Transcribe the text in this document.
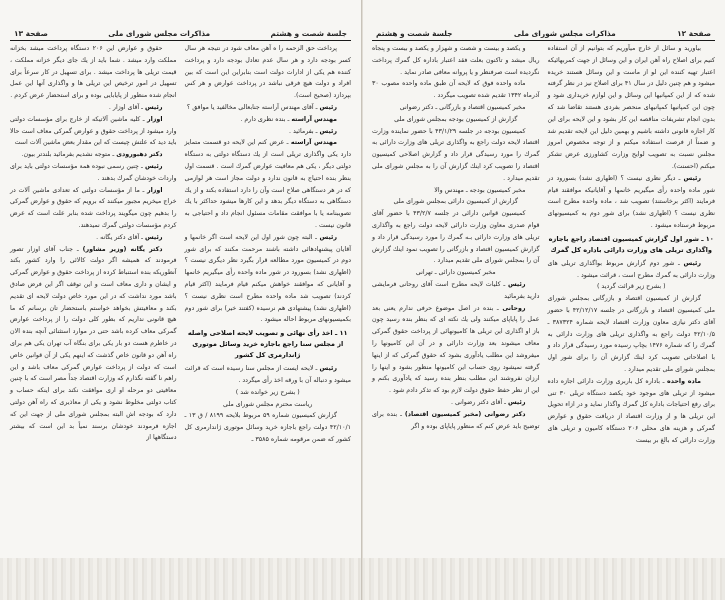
جلسة شصت و هشتم
مذاكرات مجلس شوراى ملى
صفحة ۱۳

پرداخت حق الزحمه را ه آهن معاف شود در نتيجه هر سال كسر بودجه دارد و هر سال عدم تعادل بودجه دارد و پرداخت كننده هم يكى از ادارات دولت است بنابراين اين است كه بين افراد و دولت هيچ فرقى نباشد در پرداخت عوارض و هر كس بپردازد (صحيح است).

رئيس ـ آقاى مهندس آراسته جنابعالى مخالفيد يا موافق ؟

مهندس آراسته ـ بنده نظرى دارم .

رئيس ـ بفرمائيد .

مهندس آراسته ـ عرض كنم اين لايحه دو قسمت متمايز دارد يكى واگذارى تريلى است از يك دستگاه دولتى به دستگاه دولتى ديگر ، يكى هم معافيت عوارض گمرك است . قسمت اول بنظر بنده احتياج به قانون ندارد و دولت مجاز است هر لوازمى كه در هر دستگاهى صلاح است وآن را دارد استفاده بكند و از يك دستگاهى به دستگاه ديگر بدهد و اين كارها ميشود حداكثر با يك تصويبنامه يا با موافقت مقامات مسئول انجام داد و احتياجى به قانون نيست .

رئيس ـ البته چون شور اول اين لايحه است اگر خانمها و آقايان پيشنهادهائى داشته باشند مرحمت مكنند كه براى شور دوم در كميسيون مورد مطالعه قرار بگيرد نظر ديگرى نيست ؟ (اظهارى نشد) بسورود در شور ماده واحده رأى ميگيريم خانمها و آقايانى كه موافقند خواهش ميكنم قيام فرمايند (اكثر قيام كردند) تصويب شد ماده واحده مطرح است نظرى نيست ؟ (اظهارى نشد) پيشنهادى هم نرسيده (كفتند خير) براى شور دوم بكميسيونهاى مربوط احاله ميشود .

۱۱ ـ اخذ رأى نهائى و تصويب لايحه اصلاحى واصله از مجلس سنا راجع باجازه خريد وسائل موتورى ژاندارمرى كل كشور

رئيس ـ لايحه ايست از مجلس سنا رسيده است كه قرائت ميشود و دنباله آن با ورقه اخذ رأى ميگردد .

( بشرح زير خوانده شد )

رياست محترم مجلس شوراى ملى

گزارش كميسيون شماره ۵۹ مربوط بلايحه ۸۱۹۹ / ق ۱۳ ـ ۴۲/۱۰/۱ دولت راجع باجازه خريد وسائل موتورى ژاندارمرى كل كشور كه ضمن مرقومه شماره ۳۵۸۵ ـ

حقوق و عوارض اين ۲۰۶ دستگاه پرداخت ميشد بخزانه مملكت وارد ميشد . شما بايد از يك جاى ديگر خزانه مملكت ، قيمت تريلى ها پرداخت ميشد . براى تسهيل در كار سرعاً براى تسهيل در امور ترخيص اين تريلى ها و واگذارى آنها اين عمل انجام شده منظور از پايابايى بوده و براى استحضار عرض كردم .

رئيس ـ آقاى اوزار .

اوزار ـ كليه ماشين آلاتيكه از خارج براى مؤسسات دولتى وارد ميشود از پرداخت حقوق و عوارض گمركى معاف است حالا بايد ديد كه علتش چيست كه اين مقدار بعض ماشين آلات است

دكتر دهبورودى ـ متوجه نشديم بفرمائيد بلندتر بيون.

رئيس ـ چنين رسمى نبوده همة مؤسسات دولتى بايد براى واردات خودشان گمرك بدهند .

اوزار ـ ما از مؤسسات دولتى كه تعدادى ماشين آلات در خراج ميخريم مجبور ميكنند كه برويم كه حقوق و عوارض گمركى را بدهيم چون ميگويند پرداخت شده بنابر علت است كه عرض كردم مؤسسات دولتى گمرك نميدهند.

رئيس ـ آقاى دكتر يگانه .

دكتر يگانه (وزير مشاور) ـ جناب آقاى اوزار تصور فرمودند كه هميشه اگر دولت كالائى را وارد كشور بكند آنطوريكه بنده استنباط كرده از پرداخت حقوق و عوارض گمركى و ايشان و دارى معاف است و اين توقف اگر اين فرض صادق باشد مورد نداشت كه در اين مورد خاص دولت لايحه اى تقديم بكند و معافيتش بخواهد خواستم باستحضار تان برسانم كه ما هيچ قانونى نداريم كه بطور كلى دولت را از پرداخت عوارض گمركى معاف كرده باشد حتى در موارد استثنائى آنچه بنده الان در خاطرم هست دو بار يكى براى بنگاه آب تهران يكى هم براى راه آهن دو قانون خاص گذشت كه اينهم يكى از آن قوانين خاص است كه دولت از پرداخت عوارض گمركى معاف باشد و اين راهم نا گفته نگذارم كه وزارت اقتصاد جداً مصر است كه با چنين معافيتى دو مرحله او ارى موافقت نكند براى اينكه حساب و كتاب دولتى مخلوط نشود و يكى از معاذيرى كه راه آهن دولتى دارد كه بودجه اش البته بمجلس شوراى ملى از جهت اين كه اجازه فرمودند خودشان برسند نمياً بد اين است كه بيشتر دستگاهها از

صفحة ۱۲
مذاكرات مجلس شوراى ملى
جلسة شصت و هشتم

بياوريد و سائل از خارج ميآوريم كه بتوانيم از آن استفاده كنيم براى اصلاح راه آهن ايران و اين وسائل از جهت كمربهائيكه اعتبار تهيه كننده اين لو از ماست و اين وسائل هستند خريده ميشود و هم چنين دليل در سال ۴۱ براى اصلاح نيز در نظر گرفته شده كه از اين كمپانيها اين وسائل و اين لوازم خريدارى شود و چون اين كمپانيها كمپانيهاى منحصر بفردى هستند تقاضا شد كه بدون انجام تشريفات مناقصه اين كار بشود و اين لايحه براى اين كار اجازه قانونى داشته باشيم و بهمين دليل اين لايحه تقديم شد و ضمناً از فرصت استفاده ميكنم و از توجه مخصوص امروز مجلس نسبت به تصويب لوايح وزارت كشاورزى عرض تشكر ميكنم (احسنت).

رئيس ـ ديگر نظرى نيست ؟ (اظهارى نشد) بسورود در شور ماده واحده رأى ميگيريم خانمها و آقايانيكه موافقند قيام فرمايند (اكثر برخاستند) تصويب شد ، ماده واحده مطرح است نظرى نيست ؟ (اظهارى نشد) براى شور دوم به كميسيونهاى مربوط فرستاده ميشود .

۱۰ ـ شور اول گزارش كميسيون اقتصاد راجع باجازه واگذارى تريلى هاى وزارت دارائى باداره كل گمرك

رئيس ـ شور دوم گزارش مربوط بواگذارى تريلى هاى وزارت دارائى به گمرك مطرح است ، قرائت ميشود .

( بشرح زير قرائت گرديد )

گزارش از كميسيون اقتصاد و بازرگانى بمجلس شوراى ملى كميسيون اقتصاد و بازرگانى در جلسه ۴۲/۱۲/۱۷ با حضور آقاى دكتر نيازى معاون وزارت اقتصاد لايحه شماره ۳۸۷۳۲۴ ـ ۴۲/۱۰/۵ دولت راجع به واگذارى تريلى هاى وزارت دارائى به گمرك را كه شماره ۱۴۷۶ بچاپ رسيده مورد رسيدگى قرار داد و با اصلاحاتى تصويب كرد اينك گزارش آن را براى شور اول بمجلس شوراى ملى تقديم ميدارد .

ماده واحده ـ باداره كل باربرى وزارت دارائى اجازه داده ميشود از تريلى هاى موجود خود يكصد دستگاه تريلى ۳۰ تنى براى رفع احتياجات باداره كل گمرك واگذار نمايد و در ازاء تحويل اين تريلى ها و از وزارت اقتصاد از دريافت حقوق و عوارض گمركى و هزينه هاى محلى ۲۰۶ دستگاه كاميون و تريلى هاى وزارت دارائى كه بالغ بر بيست

و يكصد و بيست و شصت و شهزار و يكصد و بيست و پنجاه ريال ميشد و تاكنون بعلت فقد اعتبار باداره كل گمرك پرداخت نگرديده است صرفنظر و يا پروانه معافى صادر نمايد .

ماده واحده فوق كه لايحه آن طبق ماده واحده مصوب ۳۰ آذرماه ۱۳۴۲ تقديم شده تصويب ميگردد .

مخبر كميسيون اقتصاد و بازرگانى ـ دكتر رضوانى

گزارش از كميسيون بودجه بمجلس شوراى ملى

كميسيون بودجه در جلسه ۴۳/۱/۲۹ با حضور نماينده وزارت اقتصاد لايحه دولت راجع به واگذارى تريلى هاى وزارت دارائى به گمرك را مورد رسيدگى قرار داد و گزارش اصلاحى كميسيون اقتصاد را تصويب كرد اينك گزارش آن را به مجلس شوراى ملى تقديم ميدارد .

مخبر كميسيون بودجه ـ مهندس والا

گزارش از كميسيون دارائى بمجلس شوراى ملى

كميسيون قوانين دارائى در جلسه ۴۳/۲/۷ با حضور آقاى قوام صدرى معاون وزارت دارائى لايحه دولت راجع به واگذارى تريلى هاى وزارت دارائى بـه گمرك را مورد رسيدگى قرار داد و گزارش كميسيون اقتصاد و بازرگانى را تصويب نمود اينك گزارش آن را بمجلس شوراى ملى تقديم ميدارد .

مخبر كميسيون دارائى ـ تهرانى

رئيس ـ كليات لايحه مطرح است آقاى روحانى فرمايشى داريد بفرمائيد

روحانى ـ بنده در اصل موضوع حرفى ندارم يعنى بعد عمل را پاياپاى ميكنند ولى يك نكته اى كه بنظر بنده رسيد چون باز او اگذارى اين تريلى ها كاميونهائى از پرداخت حقوق گمركى معاف ميشوند بعد وزارت دارائى و در آن اين كاميونها را ميفروشد اين مطلب يادآورى بشود كه حقوق گمركى كه از اينها گرفته نميشود روى حساب اين كاميونها منظور بشود و اينها را ارزان نفروشند اين مطلب بنظر بنده رسيد كه يادآورى بكنم و اين از نظر حفظ حقوق دولت لازم بود كه تذكر دادم شود .

رئيس ـ آقاى دكتر رضوانى .

دكتر رضوانى (مخبر كميسيون اقتصاد) ـ بنده براى توضيح بايد عرض كنم كه منظور پاياپاى بوده و اگر
